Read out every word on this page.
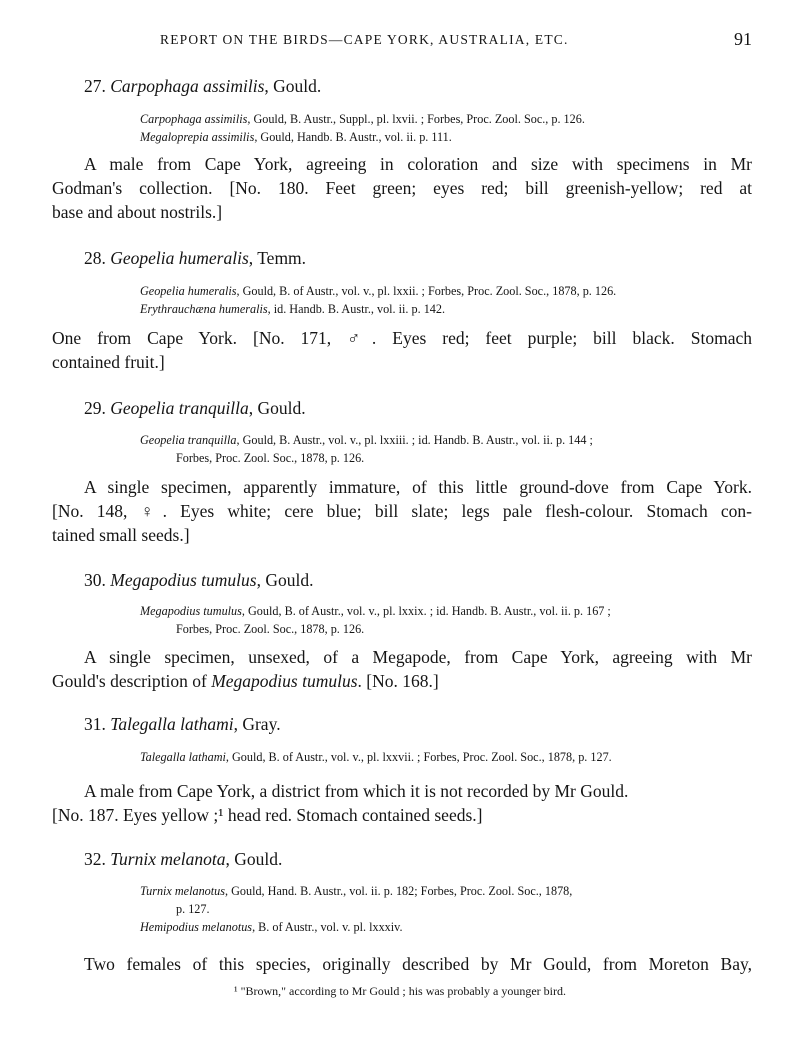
REPORT ON THE BIRDS—CAPE YORK, AUSTRALIA, ETC.	91
27. Carpophaga assimilis, Gould.
Carpophaga assimilis, Gould, B. Austr., Suppl., pl. lxvii. ; Forbes, Proc. Zool. Soc., p. 126.
Megaloprepia assimilis, Gould, Handb. B. Austr., vol. ii. p. 111.
A male from Cape York, agreeing in coloration and size with specimens in Mr
Godman's collection. [No. 180. Feet green; eyes red; bill greenish-yellow; red at
base and about nostrils.]
28. Geopelia humeralis, Temm.
Geopelia humeralis, Gould, B. of Austr., vol. v., pl. lxxii. ; Forbes, Proc. Zool. Soc., 1878, p. 126.
Erythrauchæna humeralis, id. Handb. B. Austr., vol. ii. p. 142.
One from Cape York. [No. 171, ♂. Eyes red; feet purple; bill black. Stomach
contained fruit.]
29. Geopelia tranquilla, Gould.
Geopelia tranquilla, Gould, B. Austr., vol. v., pl. lxxiii. ; id. Handb. B. Austr., vol. ii. p. 144 ;
Forbes, Proc. Zool. Soc., 1878, p. 126.
A single specimen, apparently immature, of this little ground-dove from Cape York.
[No. 148, ♀. Eyes white; cere blue; bill slate; legs pale flesh-colour. Stomach con-
tained small seeds.]
30. Megapodius tumulus, Gould.
Megapodius tumulus, Gould, B. of Austr., vol. v., pl. lxxix. ; id. Handb. B. Austr., vol. ii. p. 167 ;
Forbes, Proc. Zool. Soc., 1878, p. 126.
A single specimen, unsexed, of a Megapode, from Cape York, agreeing with Mr
Gould's description of Megapodius tumulus. [No. 168.]
31. Talegalla lathami, Gray.
Talegalla lathami, Gould, B. of Austr., vol. v., pl. lxxvii. ; Forbes, Proc. Zool. Soc., 1878, p. 127.
A male from Cape York, a district from which it is not recorded by Mr Gould.
[No. 187. Eyes yellow ;¹ head red. Stomach contained seeds.]
32. Turnix melanota, Gould.
Turnix melanotus, Gould, Hand. B. Austr., vol. ii. p. 182; Forbes, Proc. Zool. Soc., 1878,
p. 127.
Hemipodius melanotus, B. of Austr., vol. v. pl. lxxxiv.
Two females of this species, originally described by Mr Gould, from Moreton Bay,
¹ "Brown," according to Mr Gould ; his was probably a younger bird.
